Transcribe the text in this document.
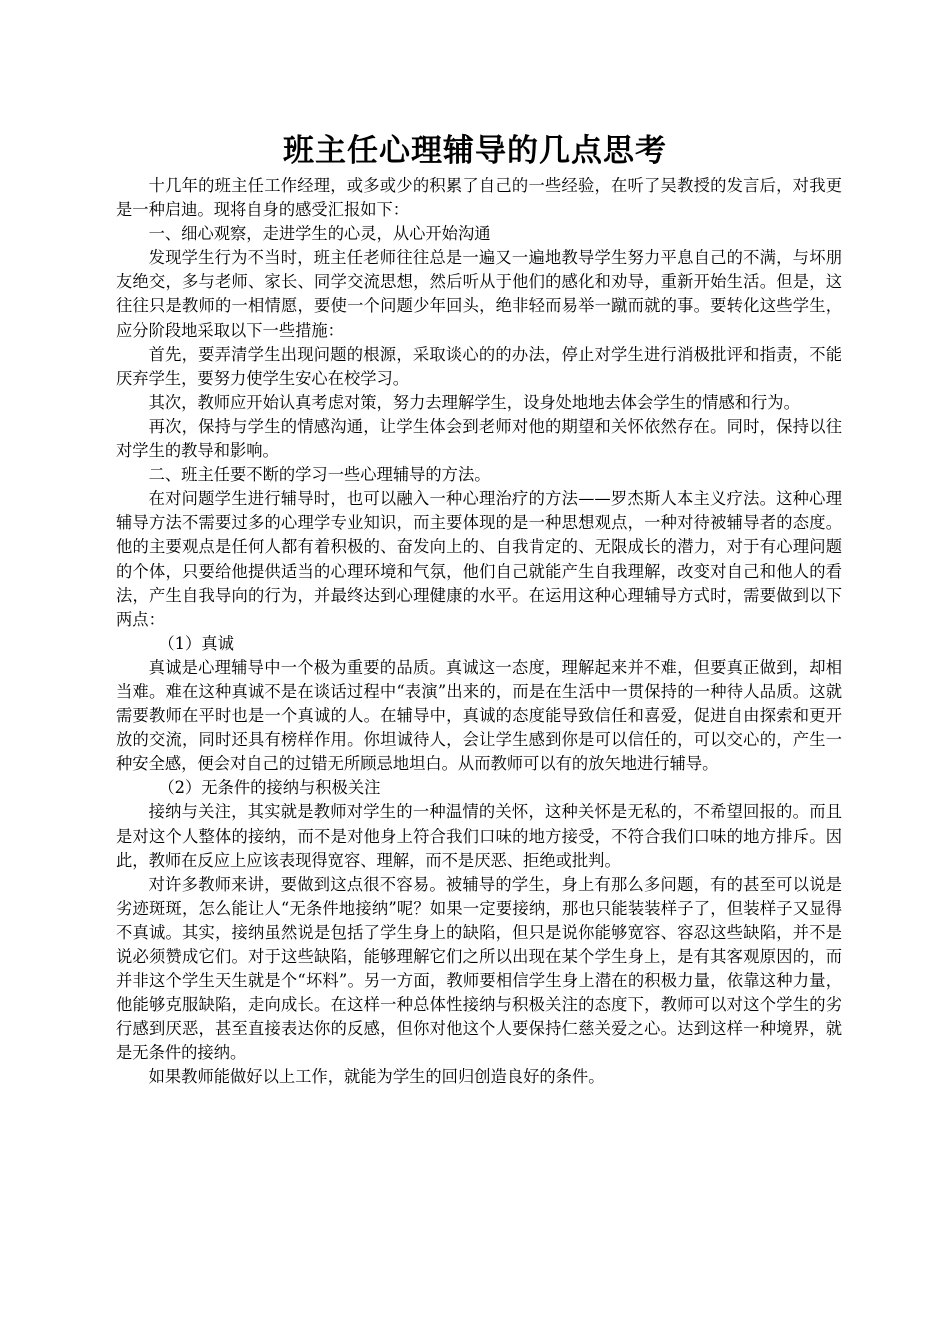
班主任心理辅导的几点思考

十几年的班主任工作经理，或多或少的积累了自己的一些经验，在听了吴教授的发言后，对我更是一种启迪。现将自身的感受汇报如下：

一、细心观察，走进学生的心灵，从心开始沟通

发现学生行为不当时，班主任老师往往总是一遍又一遍地教导学生努力平息自己的不满，与坏朋友绝交，多与老师、家长、同学交流思想，然后听从于他们的感化和劝导，重新开始生活。但是，这往往只是教师的一相情愿，要使一个问题少年回头，绝非轻而易举一蹴而就的事。要转化这些学生，应分阶段地采取以下一些措施：

首先，要弄清学生出现问题的根源，采取谈心的的办法，停止对学生进行消极批评和指责，不能厌弃学生，要努力使学生安心在校学习。

其次，教师应开始认真考虑对策，努力去理解学生，设身处地地去体会学生的情感和行为。

再次，保持与学生的情感沟通，让学生体会到老师对他的期望和关怀依然存在。同时，保持以往对学生的教导和影响。

二、班主任要不断的学习一些心理辅导的方法。

在对问题学生进行辅导时，也可以融入一种心理治疗的方法——罗杰斯人本主义疗法。这种心理辅导方法不需要过多的心理学专业知识，而主要体现的是一种思想观点，一种对待被辅导者的态度。他的主要观点是任何人都有着积极的、奋发向上的、自我肯定的、无限成长的潜力，对于有心理问题的个体，只要给他提供适当的心理环境和气氛，他们自己就能产生自我理解，改变对自己和他人的看法，产生自我导向的行为，并最终达到心理健康的水平。在运用这种心理辅导方式时，需要做到以下两点：

（1）真诚

真诚是心理辅导中一个极为重要的品质。真诚这一态度，理解起来并不难，但要真正做到，却相当难。难在这种真诚不是在谈话过程中“表演”出来的，而是在生活中一贯保持的一种待人品质。这就需要教师在平时也是一个真诚的人。在辅导中，真诚的态度能导致信任和喜爱，促进自由探索和更开放的交流，同时还具有榜样作用。你坦诚待人，会让学生感到你是可以信任的，可以交心的，产生一种安全感，便会对自己的过错无所顾忌地坦白。从而教师可以有的放矢地进行辅导。

（2）无条件的接纳与积极关注

接纳与关注，其实就是教师对学生的一种温情的关怀，这种关怀是无私的，不希望回报的。而且是对这个人整体的接纳，而不是对他身上符合我们口味的地方接受，不符合我们口味的地方排斥。因此，教师在反应上应该表现得宽容、理解，而不是厌恶、拒绝或批判。

对许多教师来讲，要做到这点很不容易。被辅导的学生，身上有那么多问题，有的甚至可以说是劣迹斑斑，怎么能让人“无条件地接纳”呢？如果一定要接纳，那也只能装装样子了，但装样子又显得不真诚。其实，接纳虽然说是包括了学生身上的缺陷，但只是说你能够宽容、容忍这些缺陷，并不是说必须赞成它们。对于这些缺陷，能够理解它们之所以出现在某个学生身上，是有其客观原因的，而并非这个学生天生就是个“坏料”。另一方面，教师要相信学生身上潜在的积极力量，依靠这种力量，他能够克服缺陷，走向成长。在这样一种总体性接纳与积极关注的态度下，教师可以对这个学生的劣行感到厌恶，甚至直接表达你的反感，但你对他这个人要保持仁慈关爱之心。达到这样一种境界，就是无条件的接纳。

如果教师能做好以上工作，就能为学生的回归创造良好的条件。
